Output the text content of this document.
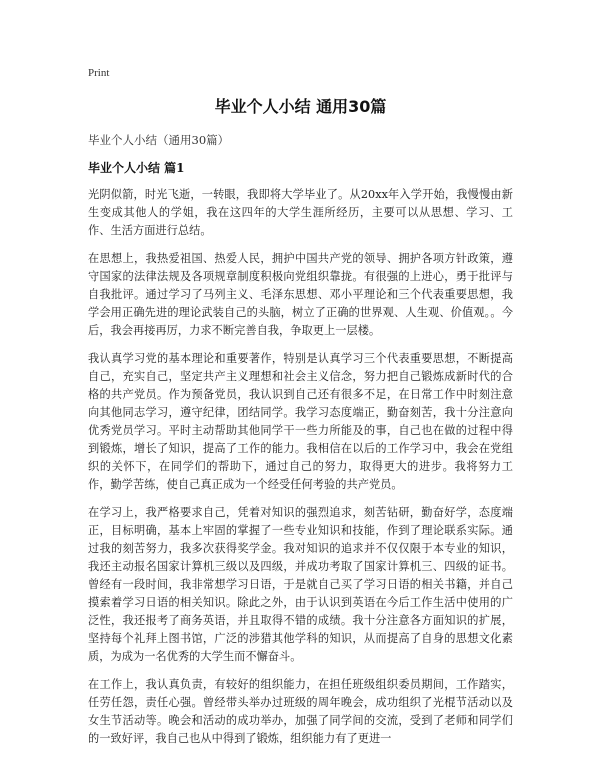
Print
毕业个人小结 通用30篇
毕业个人小结（通用30篇）
毕业个人小结 篇1

光阴似箭，时光飞逝，一转眼，我即将大学毕业了。从20xx年入学开始，我慢慢由新生变成其他人的学姐，我在这四年的大学生涯所经历，主要可以从思想、学习、工作、生活方面进行总结。

在思想上，我热爱祖国、热爱人民，拥护中国共产党的领导、拥护各项方针政策，遵守国家的法律法规及各项规章制度积极向党组织靠拢。有很强的上进心，勇于批评与自我批评。通过学习了马列主义、毛泽东思想、邓小平理论和三个代表重要思想，我学会用正确先进的理论武装自己的头脑，树立了正确的世界观、人生观、价值观。。今后，我会再接再厉，力求不断完善自我，争取更上一层楼。

我认真学习党的基本理论和重要著作，特别是认真学习三个代表重要思想，不断提高自己，充实自己，坚定共产主义理想和社会主义信念，努力把自己锻炼成新时代的合格的共产党员。作为预备党员，我认识到自己还有很多不足，在日常工作中时刻注意向其他同志学习，遵守纪律，团结同学。我学习态度端正，勤奋刻苦，我十分注意向优秀党员学习。平时主动帮助其他同学干一些力所能及的事，自己也在做的过程中得到锻炼，增长了知识，提高了工作的能力。我相信在以后的工作学习中，我会在党组织的关怀下，在同学们的帮助下，通过自己的努力，取得更大的进步。我将努力工作，勤学苦练，使自己真正成为一个经受任何考验的共产党员。

在学习上，我严格要求自己，凭着对知识的强烈追求，刻苦钻研，勤奋好学，态度端正，目标明确，基本上牢固的掌握了一些专业知识和技能，作到了理论联系实际。通过我的刻苦努力，我多次获得奖学金。我对知识的追求并不仅仅限于本专业的知识，我还主动报名国家计算机三级以及四级，并成功考取了国家计算机三、四级的证书。曾经有一段时间，我非常想学习日语，于是就自己买了学习日语的相关书籍，并自己摸索着学习日语的相关知识。除此之外，由于认识到英语在今后工作生活中使用的广泛性，我还报考了商务英语，并且取得不错的成绩。我十分注意各方面知识的扩展，坚持每个礼拜上图书馆，广泛的涉猎其他学科的知识，从而提高了自身的思想文化素质，为成为一名优秀的大学生而不懈奋斗。

在工作上，我认真负责，有较好的组织能力，在担任班级组织委员期间，工作踏实，任劳任怨，责任心强。曾经带头举办过班级的周年晚会，成功组织了光棍节活动以及女生节活动等。晚会和活动的成功举办，加强了同学间的交流，受到了老师和同学们的一致好评，我自己也从中得到了锻炼，组织能力有了更进一
